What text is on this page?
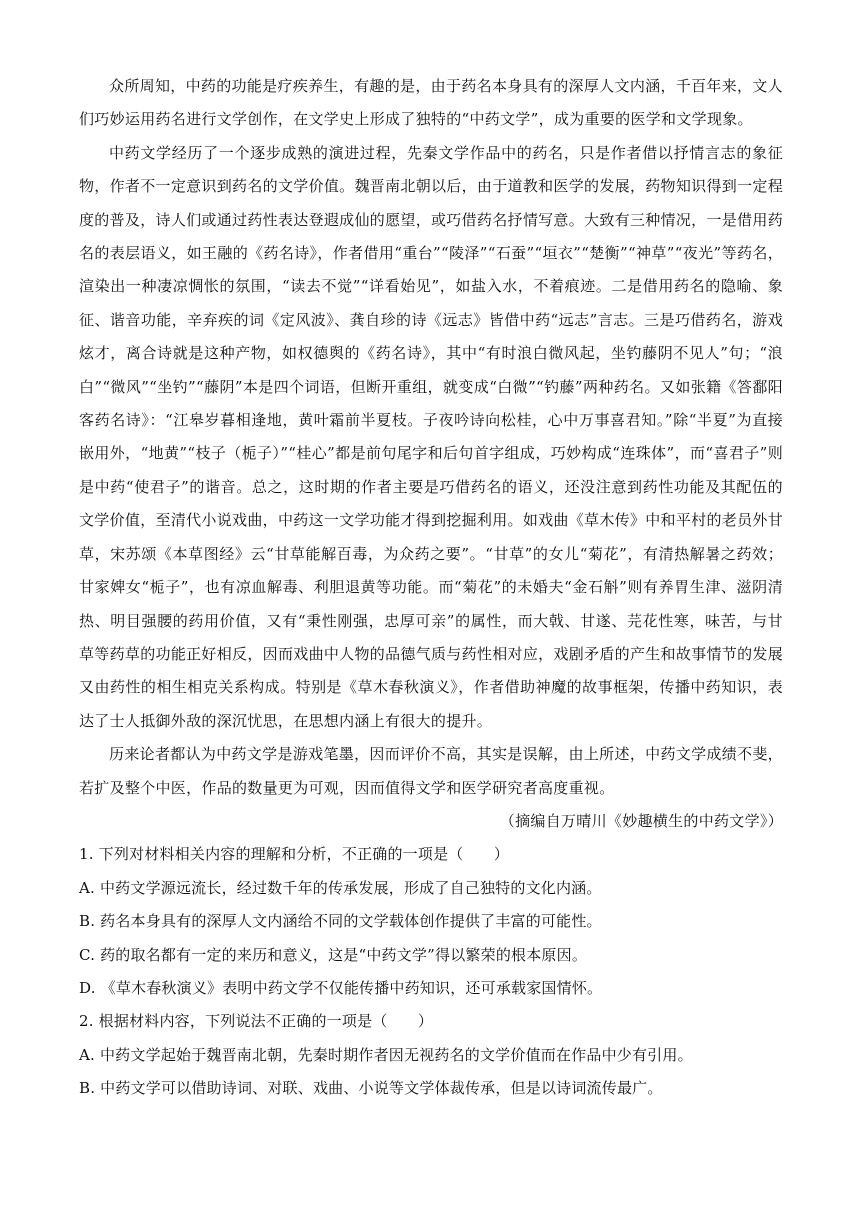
众所周知，中药的功能是疗疾养生，有趣的是，由于药名本身具有的深厚人文内涵，千百年来，文人们巧妙运用药名进行文学创作，在文学史上形成了独特的“中药文学”，成为重要的医学和文学现象。

中药文学经历了一个逐步成熟的演进过程，先秦文学作品中的药名，只是作者借以抒情言志的象征物，作者不一定意识到药名的文学价值。魏晋南北朝以后，由于道教和医学的发展，药物知识得到一定程度的普及，诗人们或通过药性表达登遐成仙的愿望，或巧借药名抒情写意。大致有三种情况，一是借用药名的表层语义，如王融的《药名诗》，作者借用“重台”“陵泽”“石蚕”“垣衣”“楚衡”“神草”“夜光”等药名，渲染出一种凄凉惆怅的氛围，“读去不觉”“详看始见”，如盐入水，不着痕迹。二是借用药名的隐喻、象征、谐音功能，辛弃疾的词《定风波》、龚自珍的诗《远志》皆借中药“远志”言志。三是巧借药名，游戏炫才，离合诗就是这种产物，如权德舆的《药名诗》，其中“有时浪白微风起，坐钓藤阴不见人”句；“浪白”“微风”“坐钓”“藤阴”本是四个词语，但断开重组，就变成“白微”“钓藤”两种药名。又如张籍《答鄱阳客药名诗》：“江皋岁暮相逢地，黄叶霜前半夏枝。子夜吟诗向松桂，心中万事喜君知。”除“半夏”为直接嵌用外，“地黄”“枝子（栀子）”“桂心”都是前句尾字和后句首字组成，巧妙构成“连珠体”，而“喜君子”则是中药“使君子”的谐音。总之，这时期的作者主要是巧借药名的语义，还没注意到药性功能及其配伍的文学价值，至清代小说戏曲，中药这一文学功能才得到挖掘利用。如戏曲《草木传》中和平村的老员外甘草，宋苏颂《本草图经》云“甘草能解百毒，为众药之要”。“甘草”的女儿“菊花”，有清热解暑之药效；甘家婢女“栀子”，也有凉血解毒、利胆退黄等功能。而“菊花”的未婚夫“金石斛”则有养胃生津、滋阴清热、明目强腰的药用价值，又有“秉性刚强，忠厚可亲”的属性，而大戟、甘遂、芫花性寒，味苦，与甘草等药草的功能正好相反，因而戏曲中人物的品德气质与药性相对应，戏剧矛盾的产生和故事情节的发展又由药性的相生相克关系构成。特别是《草木春秋演义》，作者借助神魔的故事框架，传播中药知识，表达了士人抵御外敌的深沉忧思，在思想内涵上有很大的提升。

历来论者都认为中药文学是游戏笔墨，因而评价不高，其实是误解，由上所述，中药文学成绩不斐，若扩及整个中医，作品的数量更为可观，因而值得文学和医学研究者高度重视。

（摘编自万晴川《妙趣横生的中药文学》）

1. 下列对材料相关内容的理解和分析，不正确的一项是（　　）

A. 中药文学源远流长，经过数千年的传承发展，形成了自己独特的文化内涵。

B. 药名本身具有的深厚人文内涵给不同的文学载体创作提供了丰富的可能性。

C. 药的取名都有一定的来历和意义，这是“中药文学”得以繁荣的根本原因。

D. 《草木春秋演义》表明中药文学不仅能传播中药知识，还可承载家国情怀。

2. 根据材料内容，下列说法不正确的一项是（　　）

A. 中药文学起始于魏晋南北朝，先秦时期作者因无视药名的文学价值而在作品中少有引用。

B. 中药文学可以借助诗词、对联、戏曲、小说等文学体裁传承，但是以诗词流传最广。
